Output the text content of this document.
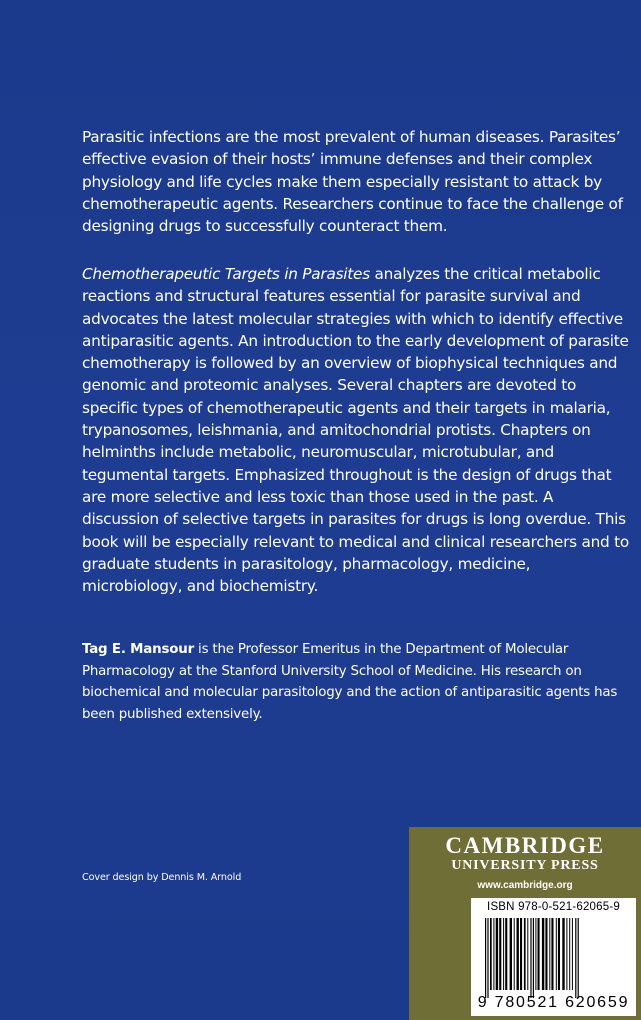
Parasitic infections are the most prevalent of human diseases. Parasites’ effective evasion of their hosts’ immune defenses and their complex physiology and life cycles make them especially resistant to attack by chemotherapeutic agents. Researchers continue to face the challenge of designing drugs to successfully counteract them.

Chemotherapeutic Targets in Parasites analyzes the critical metabolic reactions and structural features essential for parasite survival and advocates the latest molecular strategies with which to identify effective antiparasitic agents. An introduction to the early development of parasite chemotherapy is followed by an overview of biophysical techniques and genomic and proteomic analyses. Several chapters are devoted to specific types of chemotherapeutic agents and their targets in malaria, trypanosomes, leishmania, and amitochondrial protists. Chapters on helminths include metabolic, neuromuscular, microtubular, and tegumental targets. Emphasized throughout is the design of drugs that are more selective and less toxic than those used in the past. A discussion of selective targets in parasites for drugs is long overdue. This book will be especially relevant to medical and clinical researchers and to graduate students in parasitology, pharmacology, medicine, microbiology, and biochemistry.

Tag E. Mansour is the Professor Emeritus in the Department of Molecular Pharmacology at the Stanford University School of Medicine. His research on biochemical and molecular parasitology and the action of antiparasitic agents has been published extensively.

Cover design by Dennis M. Arnold
CAMBRIDGE
UNIVERSITY PRESS
www.cambridge.org
ISBN 978-0-521-62065-9
9 780521 620659
